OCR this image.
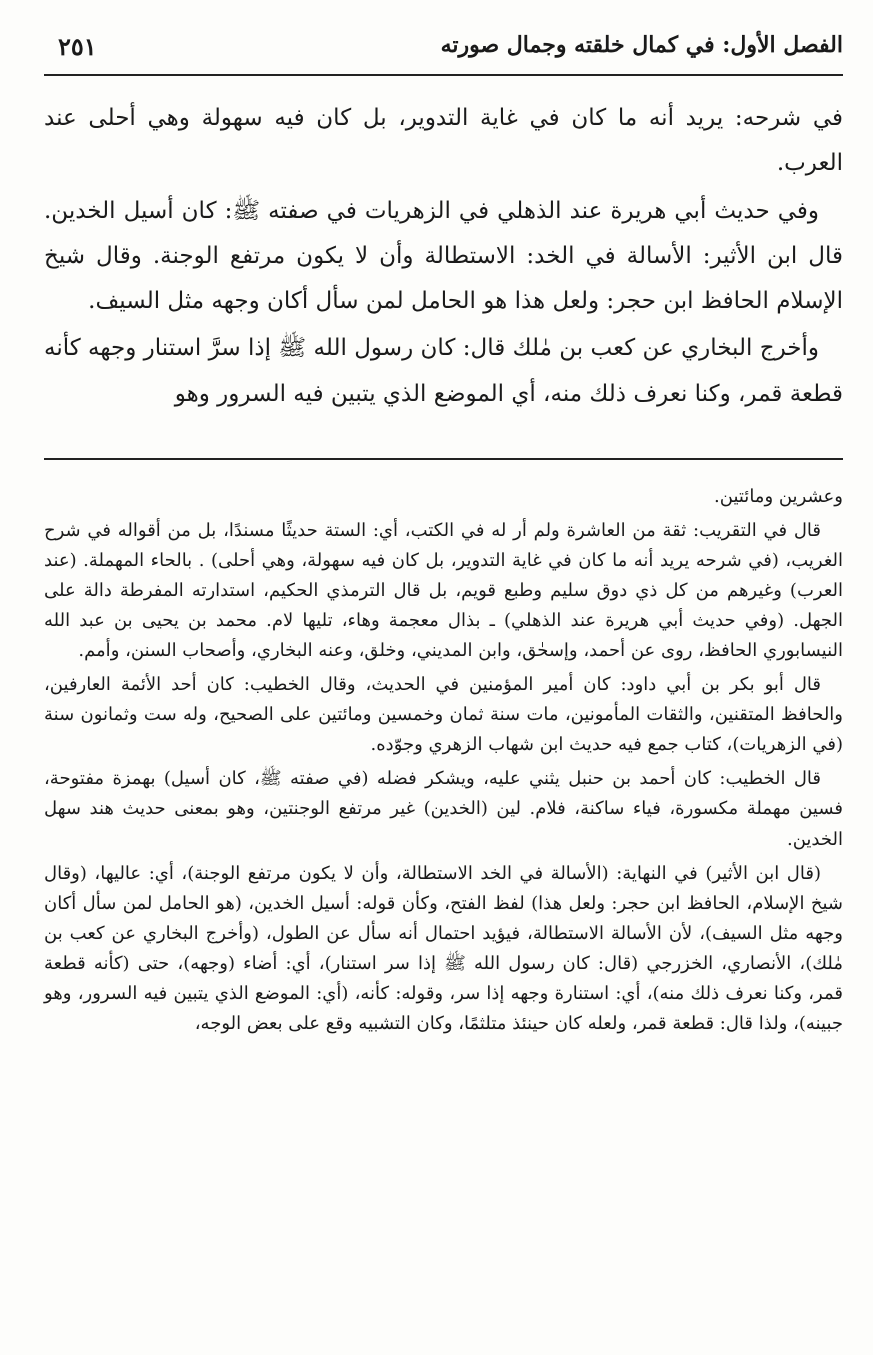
الفصل الأول: في كمال خلقته وجمال صورته
٢٥١

في شرحه: يريد أنه ما كان في غاية التدوير، بل كان فيه سهولة وهي أحلى عند العرب.

وفي حديث أبي هريرة عند الذهلي في الزهريات في صفته ﷺ: كان أسيل الخدين. قال ابن الأثير: الأسالة في الخد: الاستطالة وأن لا يكون مرتفع الوجنة. وقال شيخ الإسلام الحافظ ابن حجر: ولعل هذا هو الحامل لمن سأل أكان وجهه مثل السيف.

وأخرج البخاري عن كعب بن مٰلك قال: كان رسول الله ﷺ إذا سرَّ استنار وجهه كأنه قطعة قمر، وكنا نعرف ذلك منه، أي الموضع الذي يتبين فيه السرور وهو

وعشرين ومائتين.

قال في التقريب: ثقة من العاشرة ولم أر له في الكتب، أي: الستة حديثًا مسندًا، بل من أقواله في شرح الغريب، (في شرحه يريد أنه ما كان في غاية التدوير، بل كان فيه سهولة، وهي أحلى) . بالحاء المهملة. (عند العرب) وغيرهم من كل ذي دوق سليم وطبع قويم، بل قال الترمذي الحكيم، استدارته المفرطة دالة على الجهل. (وفي حديث أبي هريرة عند الذهلي) ـ بذال معجمة وهاء، تليها لام. محمد بن يحيى بن عبد الله النيسابوري الحافظ، روى عن أحمد، وإسحٰق، وابن المديني، وخلق، وعنه البخاري، وأصحاب السنن، وأمم.

قال أبو بكر بن أبي داود: كان أمير المؤمنين في الحديث، وقال الخطيب: كان أحد الأئمة العارفين، والحافظ المتقنين، والثقات المأمونين، مات سنة ثمان وخمسين ومائتين على الصحيح، وله ست وثمانون سنة (في الزهريات)، كتاب جمع فيه حديث ابن شهاب الزهري وجوّده.

قال الخطيب: كان أحمد بن حنبل يثني عليه، ويشكر فضله (في صفته ﷺ، كان أسيل) بهمزة مفتوحة، فسين مهملة مكسورة، فياء ساكنة، فلام. لين (الخدين) غير مرتفع الوجنتين، وهو بمعنى حديث هند سهل الخدين.

(قال ابن الأثير) في النهاية: (الأسالة في الخد الاستطالة، وأن لا يكون مرتفع الوجنة)، أي: عاليها، (وقال شيخ الإسلام، الحافظ ابن حجر: ولعل هذا) لفظ الفتح، وكأن قوله: أسيل الخدين، (هو الحامل لمن سأل أكان وجهه مثل السيف)، لأن الأسالة الاستطالة، فيؤيد احتمال أنه سأل عن الطول، (وأخرج البخاري عن كعب بن مٰلك)، الأنصاري، الخزرجي (قال: كان رسول الله ﷺ إذا سر استنار)، أي: أضاء (وجهه)، حتى (كأنه قطعة قمر، وكنا نعرف ذلك منه)، أي: استنارة وجهه إذا سر، وقوله: كأنه، (أي: الموضع الذي يتبين فيه السرور، وهو جبينه)، ولذا قال: قطعة قمر، ولعله كان حينئذ متلثمًا، وكان التشبيه وقع على بعض الوجه،
